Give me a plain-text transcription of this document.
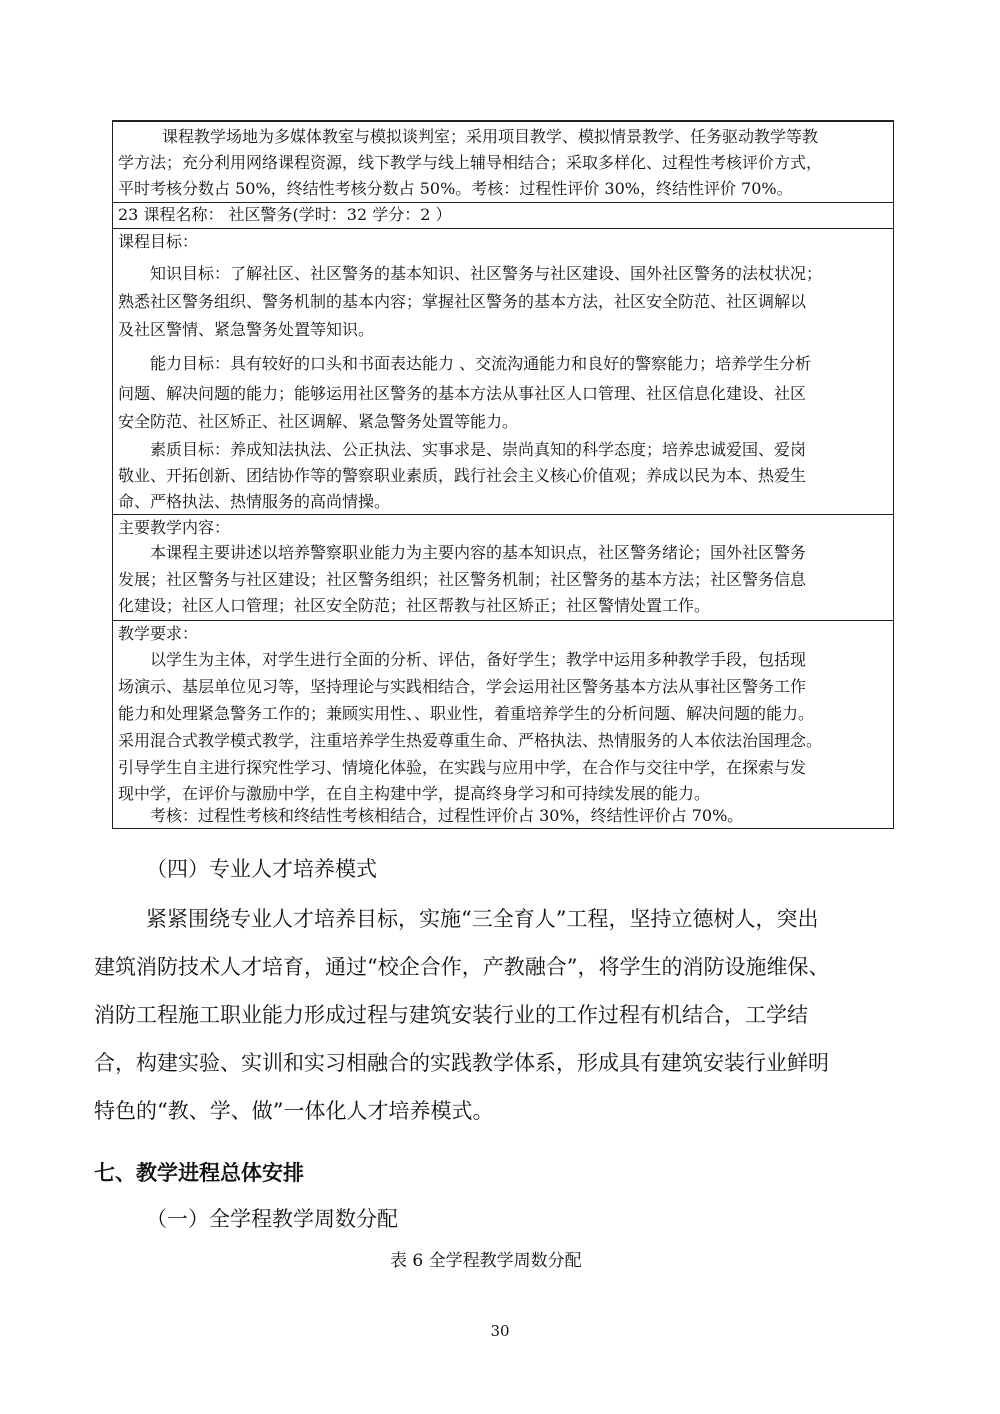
课程教学场地为多媒体教室与模拟谈判室；采用项目教学、模拟情景教学、任务驱动教学等教
学方法；充分利用网络课程资源，线下教学与线上辅导相结合；采取多样化、过程性考核评价方式，
平时考核分数占 50%，终结性考核分数占 50%。考核：过程性评价 30%，终结性评价 70%。
23 课程名称： 社区警务(学时：32 学分：2 ）
课程目标：
知识目标：了解社区、社区警务的基本知识、社区警务与社区建设、国外社区警务的法杖状况；
熟悉社区警务组织、警务机制的基本内容；掌握社区警务的基本方法，社区安全防范、社区调解以
及社区警情、紧急警务处置等知识。
能力目标：具有较好的口头和书面表达能力 、交流沟通能力和良好的警察能力；培养学生分析
问题、解决问题的能力；能够运用社区警务的基本方法从事社区人口管理、社区信息化建设、社区
安全防范、社区矫正、社区调解、紧急警务处置等能力。
素质目标：养成知法执法、公正执法、实事求是、崇尚真知的科学态度；培养忠诚爱国、爱岗
敬业、开拓创新、团结协作等的警察职业素质，践行社会主义核心价值观；养成以民为本、热爱生
命、严格执法、热情服务的高尚情操。
主要教学内容：
本课程主要讲述以培养警察职业能力为主要内容的基本知识点，社区警务绪论；国外社区警务
发展；社区警务与社区建设；社区警务组织；社区警务机制；社区警务的基本方法；社区警务信息
化建设；社区人口管理；社区安全防范；社区帮教与社区矫正；社区警情处置工作。
教学要求：
以学生为主体，对学生进行全面的分析、评估，备好学生；教学中运用多种教学手段，包括现
场演示、基层单位见习等，坚持理论与实践相结合，学会运用社区警务基本方法从事社区警务工作
能力和处理紧急警务工作的；兼顾实用性、、职业性，着重培养学生的分析问题、解决问题的能力。
采用混合式教学模式教学，注重培养学生热爱尊重生命、严格执法、热情服务的人本依法治国理念。
引导学生自主进行探究性学习、情境化体验，在实践与应用中学，在合作与交往中学，在探索与发
现中学，在评价与激励中学，在自主构建中学，提高终身学习和可持续发展的能力。
考核：过程性考核和终结性考核相结合，过程性评价占 30%，终结性评价占 70%。
（四）专业人才培养模式
紧紧围绕专业人才培养目标，实施“三全育人”工程，坚持立德树人，突出
建筑消防技术人才培育，通过“校企合作，产教融合”，将学生的消防设施维保、
消防工程施工职业能力形成过程与建筑安装行业的工作过程有机结合，工学结
合，构建实验、实训和实习相融合的实践教学体系，形成具有建筑安装行业鲜明
特色的“教、学、做”一体化人才培养模式。
七、教学进程总体安排
（一）全学程教学周数分配
表 6 全学程教学周数分配
30
